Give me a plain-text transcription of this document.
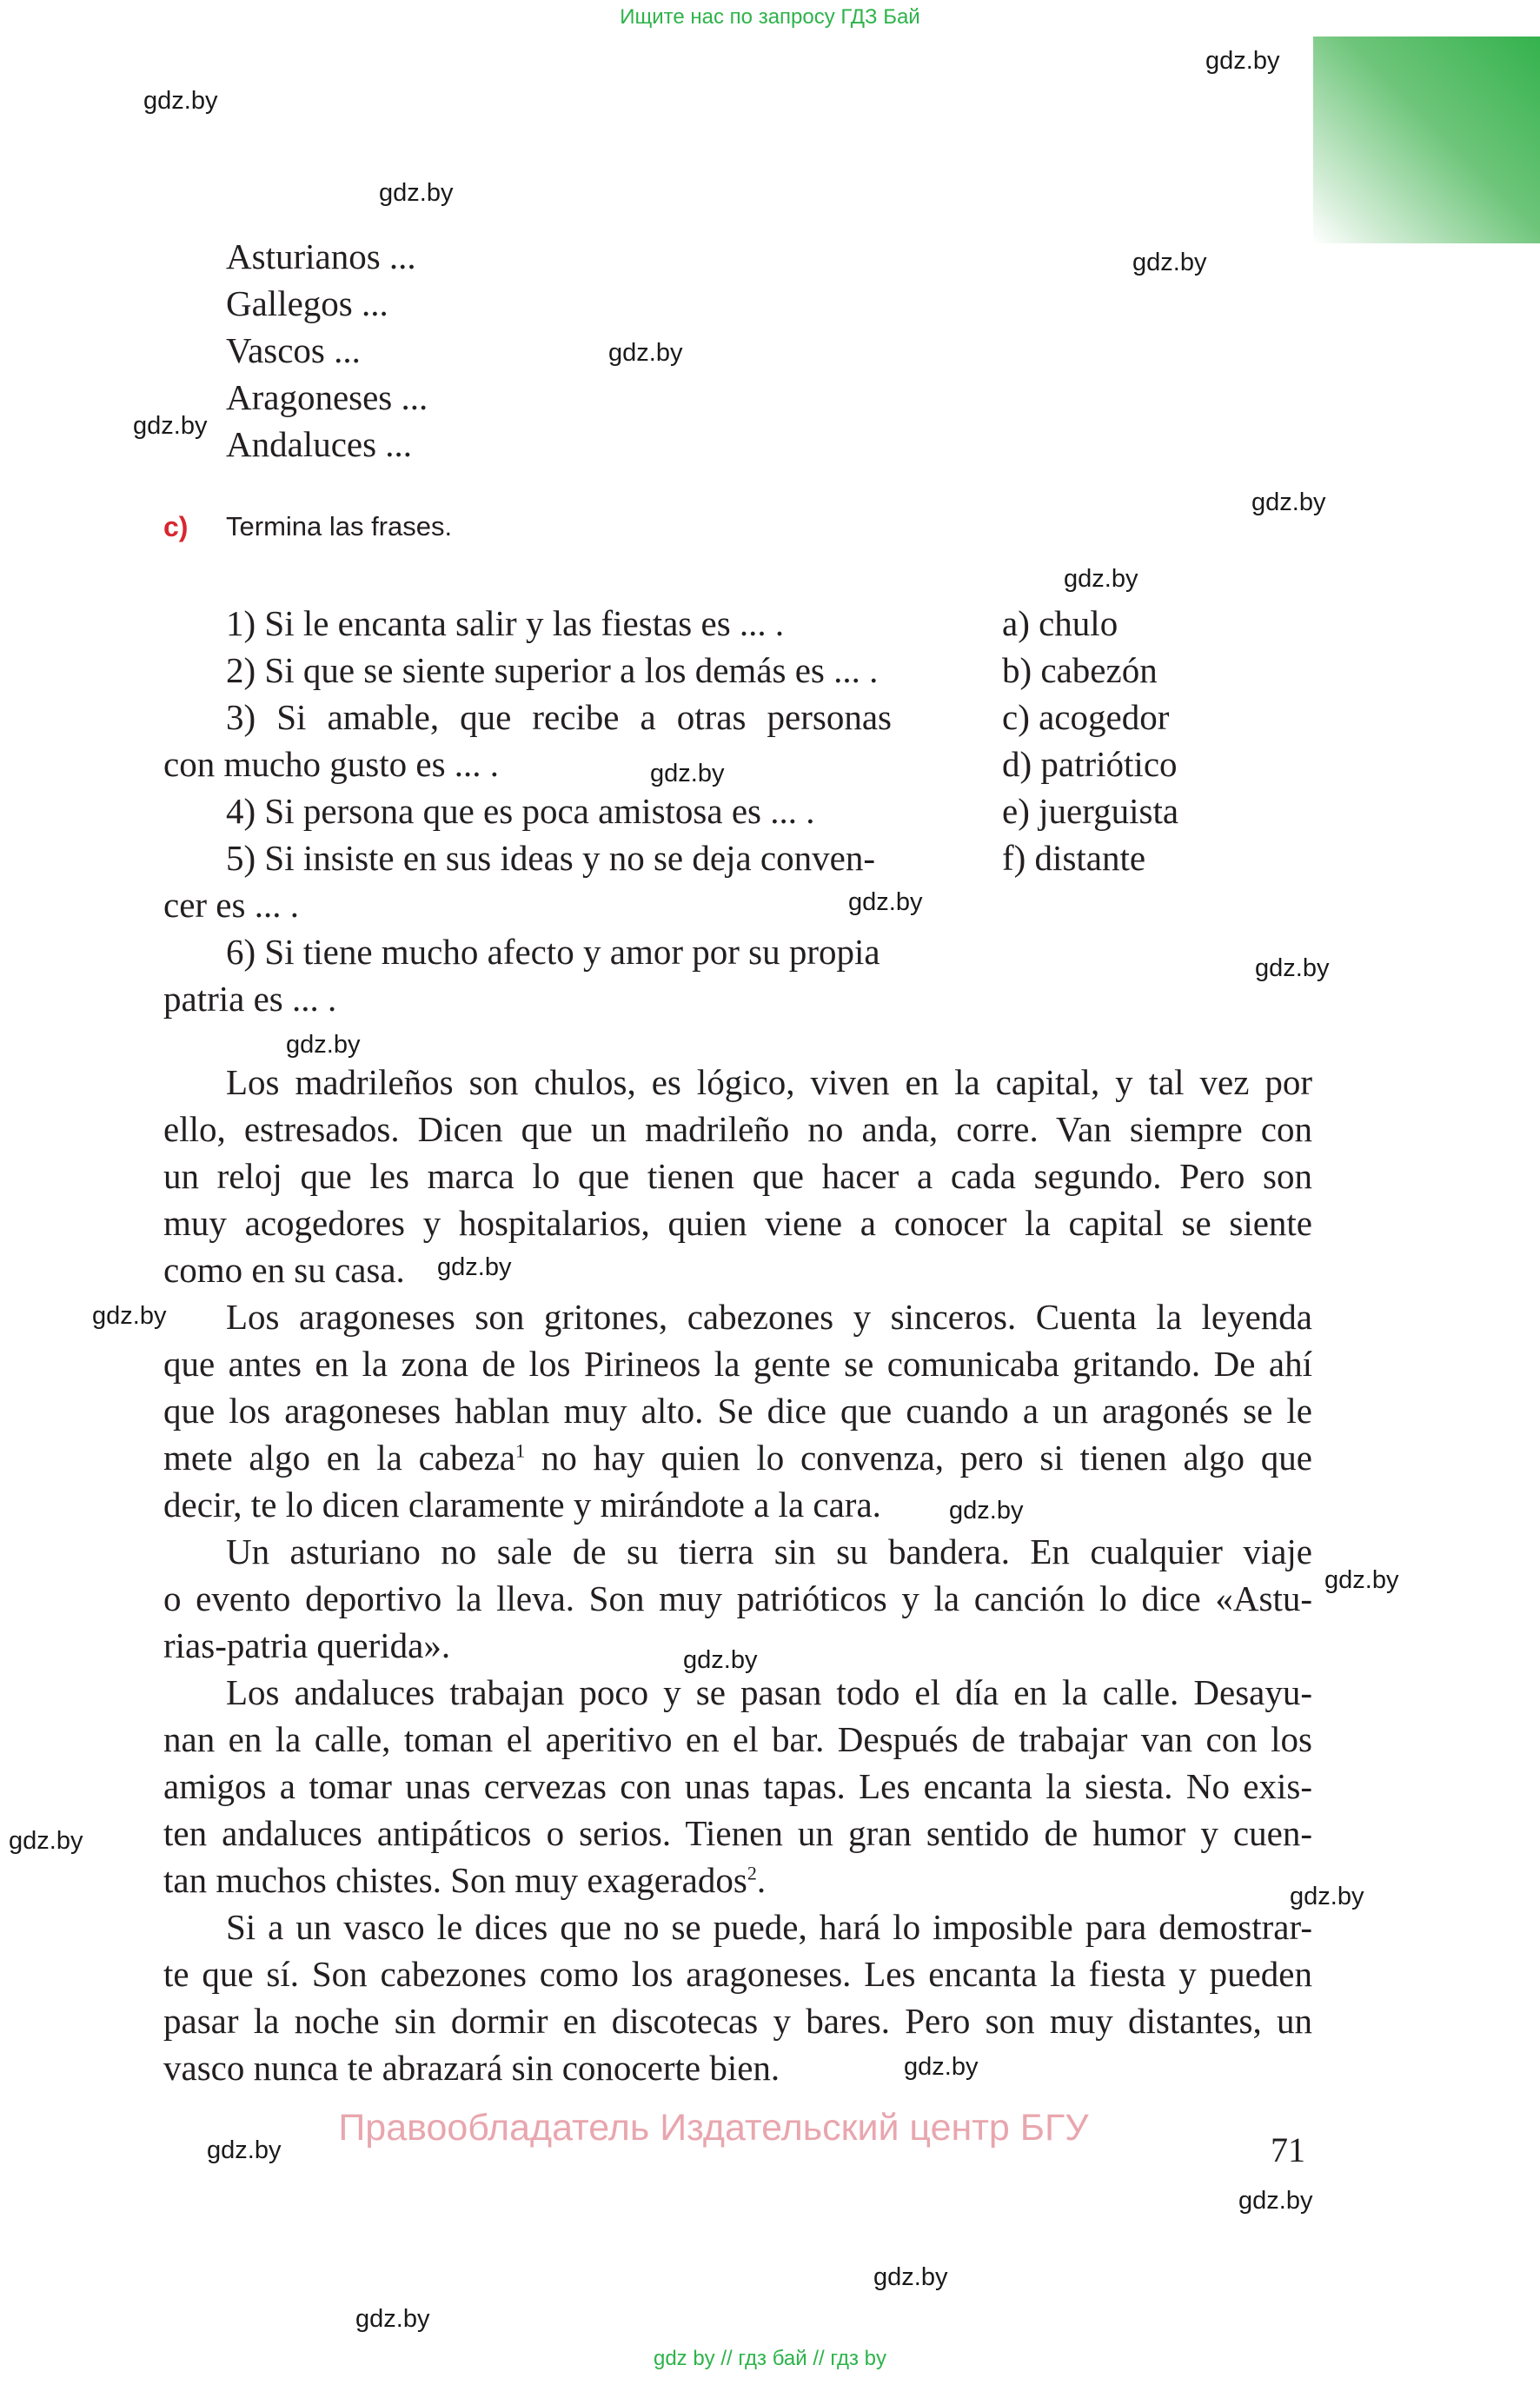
Ищите нас по запросу ГДЗ Бай
gdz.by
gdz.by
gdz.by
gdz.by
gdz.by
gdz.by
gdz.by
gdz.by
gdz.by
gdz.by
gdz.by
gdz.by
gdz.by
gdz.by
gdz.by
gdz.by
gdz.by
gdz.by
gdz.by
gdz.by
gdz.by
gdz.by
gdz.by
gdz.by
Asturianos ...
Gallegos ...
Vascos ...
Aragoneses ...
Andaluces ...
c) Termina las frases.
1) Si le encanta salir y las fiestas es ... .
2) Si que se siente superior a los demás es ... .
3) Si amable, que recibe a otras personas
con mucho gusto es ... .
4) Si persona que es poca amistosa es ... .
5) Si insiste en sus ideas y no se deja conven-
cer es ... .
6) Si tiene mucho afecto y amor por su propia
patria es ... .
a) chulo
b) cabezón
c) acogedor
d) patriótico
e) juerguista
f) distante
Los madrileños son chulos, es lógico, viven en la capital, y tal vez por
ello, estresados. Dicen que un madrileño no anda, corre. Van siempre con
un reloj que les marca lo que tienen que hacer a cada segundo. Pero son
muy acogedores y hospitalarios, quien viene a conocer la capital se siente
como en su casa.
Los aragoneses son gritones, cabezones y sinceros. Cuenta la leyenda
que antes en la zona de los Pirineos la gente se comunicaba gritando. De ahí
que los aragoneses hablan muy alto. Se dice que cuando a un aragonés se le
mete algo en la cabeza$^1$ no hay quien lo convenza, pero si tienen algo que
decir, te lo dicen claramente y mirándote a la cara.
Un asturiano no sale de su tierra sin su bandera. En cualquier viaje
o evento deportivo la lleva. Son muy patrióticos y la canción lo dice «Astu-
rias-patria querida».
Los andaluces trabajan poco y se pasan todo el día en la calle. Desayu-
nan en la calle, toman el aperitivo en el bar. Después de trabajar van con los
amigos a tomar unas cervezas con unas tapas. Les encanta la siesta. No exis-
ten andaluces antipáticos o serios. Tienen un gran sentido de humor y cuen-
tan muchos chistes. Son muy exagerados$^2$.
Si a un vasco le dices que no se puede, hará lo imposible para demostrar-
te que sí. Son cabezones como los aragoneses. Les encanta la fiesta y pueden
pasar la noche sin dormir en discotecas y bares. Pero son muy distantes, un
vasco nunca te abrazará sin conocerte bien.
Правообладатель Издательский центр БГУ
71
gdz by // гдз бай // гдз by
